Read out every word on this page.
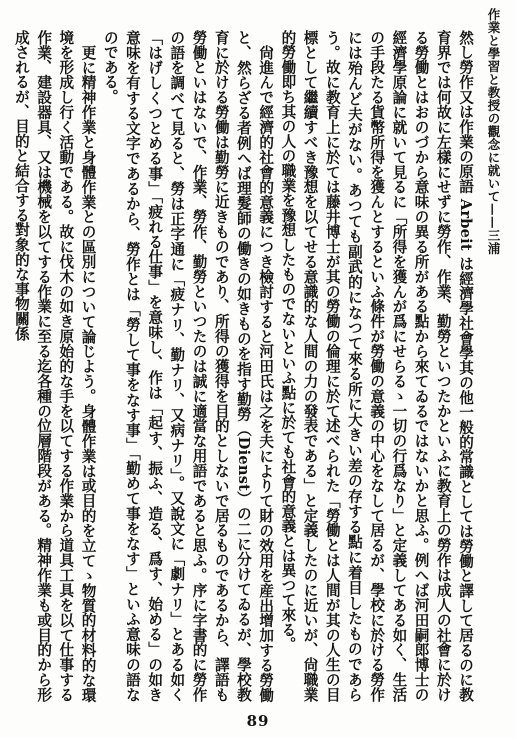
作業と學習と教授の觀念に就いて——三浦

然し勞作又は作業の原語 Arbeit は經濟學社會學其の他一般的常識としては勞働と譯して居るのに教育界では何故に左樣にせずに勞作、作業、勤勞といつたかといふに教育上の勞作は成人の社會に於ける勞働とはおのづから意味の異る所がある點から來てゐるではないかと思ふ。例へば河田嗣郎博士の經濟學原論に就いて見るに「所得を獲んが爲にせらるゝ一切の行爲なり」と定義してある如く、生活の手段たる貨幣所得を獲んとするといふ條件が勞働の意義の中心をなして居るが、學校に於ける勞作には殆んど夫がない。あつても副武的になつて來る所に大きい差の存する點に着目したものであらう。故に教育上に於ては藤井博士が其の勞働の倫理に於て述べられた「勞働とは人間が其の人生の目標として繼續すべき豫想を以てせる意識的な人間の力の發表である」と定義したのに近いが、尙職業的勞働即ち其の人の職業を豫想したものでないといふ點に於ても社會的意義とは異つて來る。

尙進んで經濟的社會的意義につき檢討すると河田氏は之を夫によりて財の效用を産出增加する勞働と、然らざる者例へば理髮師の働きの如きものを指す勤勞（Dienst）の二に分けてゐるが、學校教育に於ける勞働は勤勞に近きものであり、所得の獲得を目的としないで居るものであるから、譯語も勞働といはないで、作業、勞作、勤勞といつたのは誠に適當な用語であると思ふ。序に字書的に勞作の語を調べて見ると、勞は正字通に「疲ナリ、勤ナリ、又病ナリ」。又說文に「劇ナリ」とある如く「はげしくつとめる事」「疲れる仕事」を意味し、作は「起す、振ふ、造る、爲す、始める」の如き意味を有する文字であるから、勞作とは「勞して事をなす事」「勤めて事をなす」といふ意味の語なのである。

更に精神作業と身體作業との區別について論じよう。身體作業は或目的を立てゝ物質的材料的な環境を形成し行く活動である。故に伐木の如き原始的な手を以てする作業から道具工具を以て仕事する作業、建設器具、又は機械を以てする作業に至る迄各種の位層階段がある。精神作業も或目的から形成されるが、目的と結合する對象的な事物關係

89
